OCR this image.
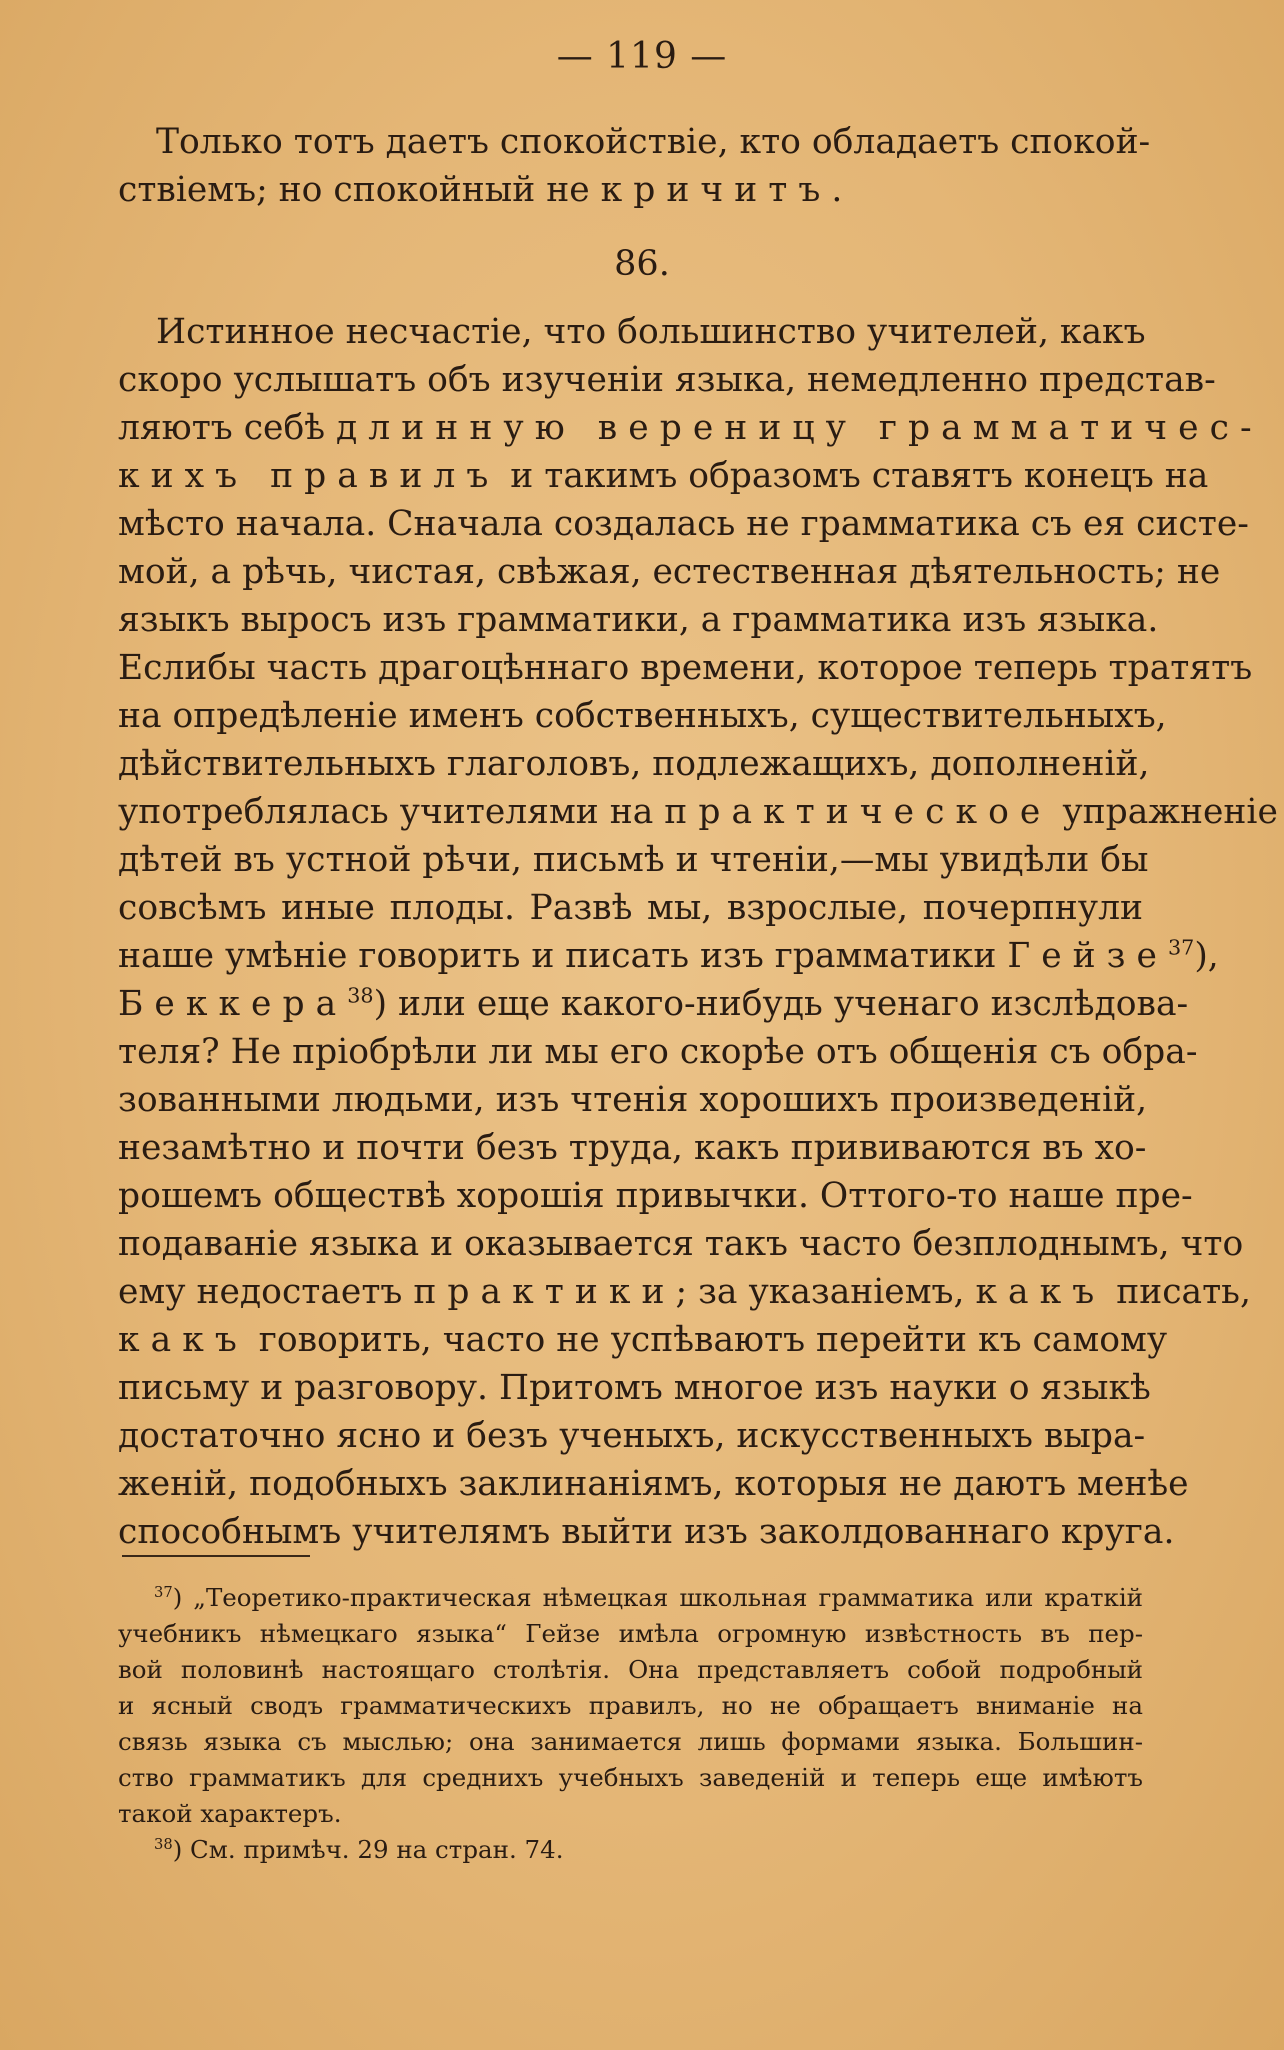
— 119 —
Только тотъ даетъ спокойствіе, кто обладаетъ спокой-
ствіемъ; но спокойный не кричитъ.
86.
Истинное несчастіе, что большинство учителей, какъ
скоро услышатъ объ изученіи языка, немедленно представ-
ляютъ себѣ длинную вереницу грамматичес-
кихъ правилъ и такимъ образомъ ставятъ конецъ на
мѣсто начала. Сначала создалась не грамматика съ ея систе-
мой, а рѣчь, чистая, свѣжая, естественная дѣятельность; не
языкъ выросъ изъ грамматики, а грамматика изъ языка.
Еслибы часть драгоцѣннаго времени, которое теперь тратятъ
на опредѣленіе именъ собственныхъ, существительныхъ,
дѣйствительныхъ глаголовъ, подлежащихъ, дополненій,
употреблялась учителями на практическое упражненіе
дѣтей въ устной рѣчи, письмѣ и чтеніи,—мы увидѣли бы
совсѣмъ иные плоды. Развѣ мы, взрослые, почерпнули
наше умѣніе говорить и писать изъ грамматики Гейзе$^{37}$),
Беккера$^{38}$) или еще какого-нибудь ученаго изслѣдова-
теля? Не пріобрѣли ли мы его скорѣе отъ общенія съ обра-
зованными людьми, изъ чтенія хорошихъ произведеній,
незамѣтно и почти безъ труда, какъ прививаются въ хо-
рошемъ обществѣ хорошія привычки. Оттого-то наше пре-
подаваніе языка и оказывается такъ часто безплоднымъ, что
ему недостаетъ практики; за указаніемъ, какъ писать,
какъ говорить, часто не успѣваютъ перейти къ самому
письму и разговору. Притомъ многое изъ науки о языкѣ
достаточно ясно и безъ ученыхъ, искусственныхъ выра-
женій, подобныхъ заклинаніямъ, которыя не даютъ менѣе
способнымъ учителямъ выйти изъ заколдованнаго круга.
$^{37}$) „Теоретико-практическая нѣмецкая школьная грамматика или краткій
учебникъ нѣмецкаго языка“ Гейзе имѣла огромную извѣстность въ пер-
вой половинѣ настоящаго столѣтія. Она представляетъ собой подробный
и ясный сводъ грамматическихъ правилъ, но не обращаетъ вниманіе на
связь языка съ мыслью; она занимается лишь формами языка. Большин-
ство грамматикъ для среднихъ учебныхъ заведеній и теперь еще имѣютъ
такой характеръ.
$^{38}$) См. примѣч. 29 на стран. 74.
